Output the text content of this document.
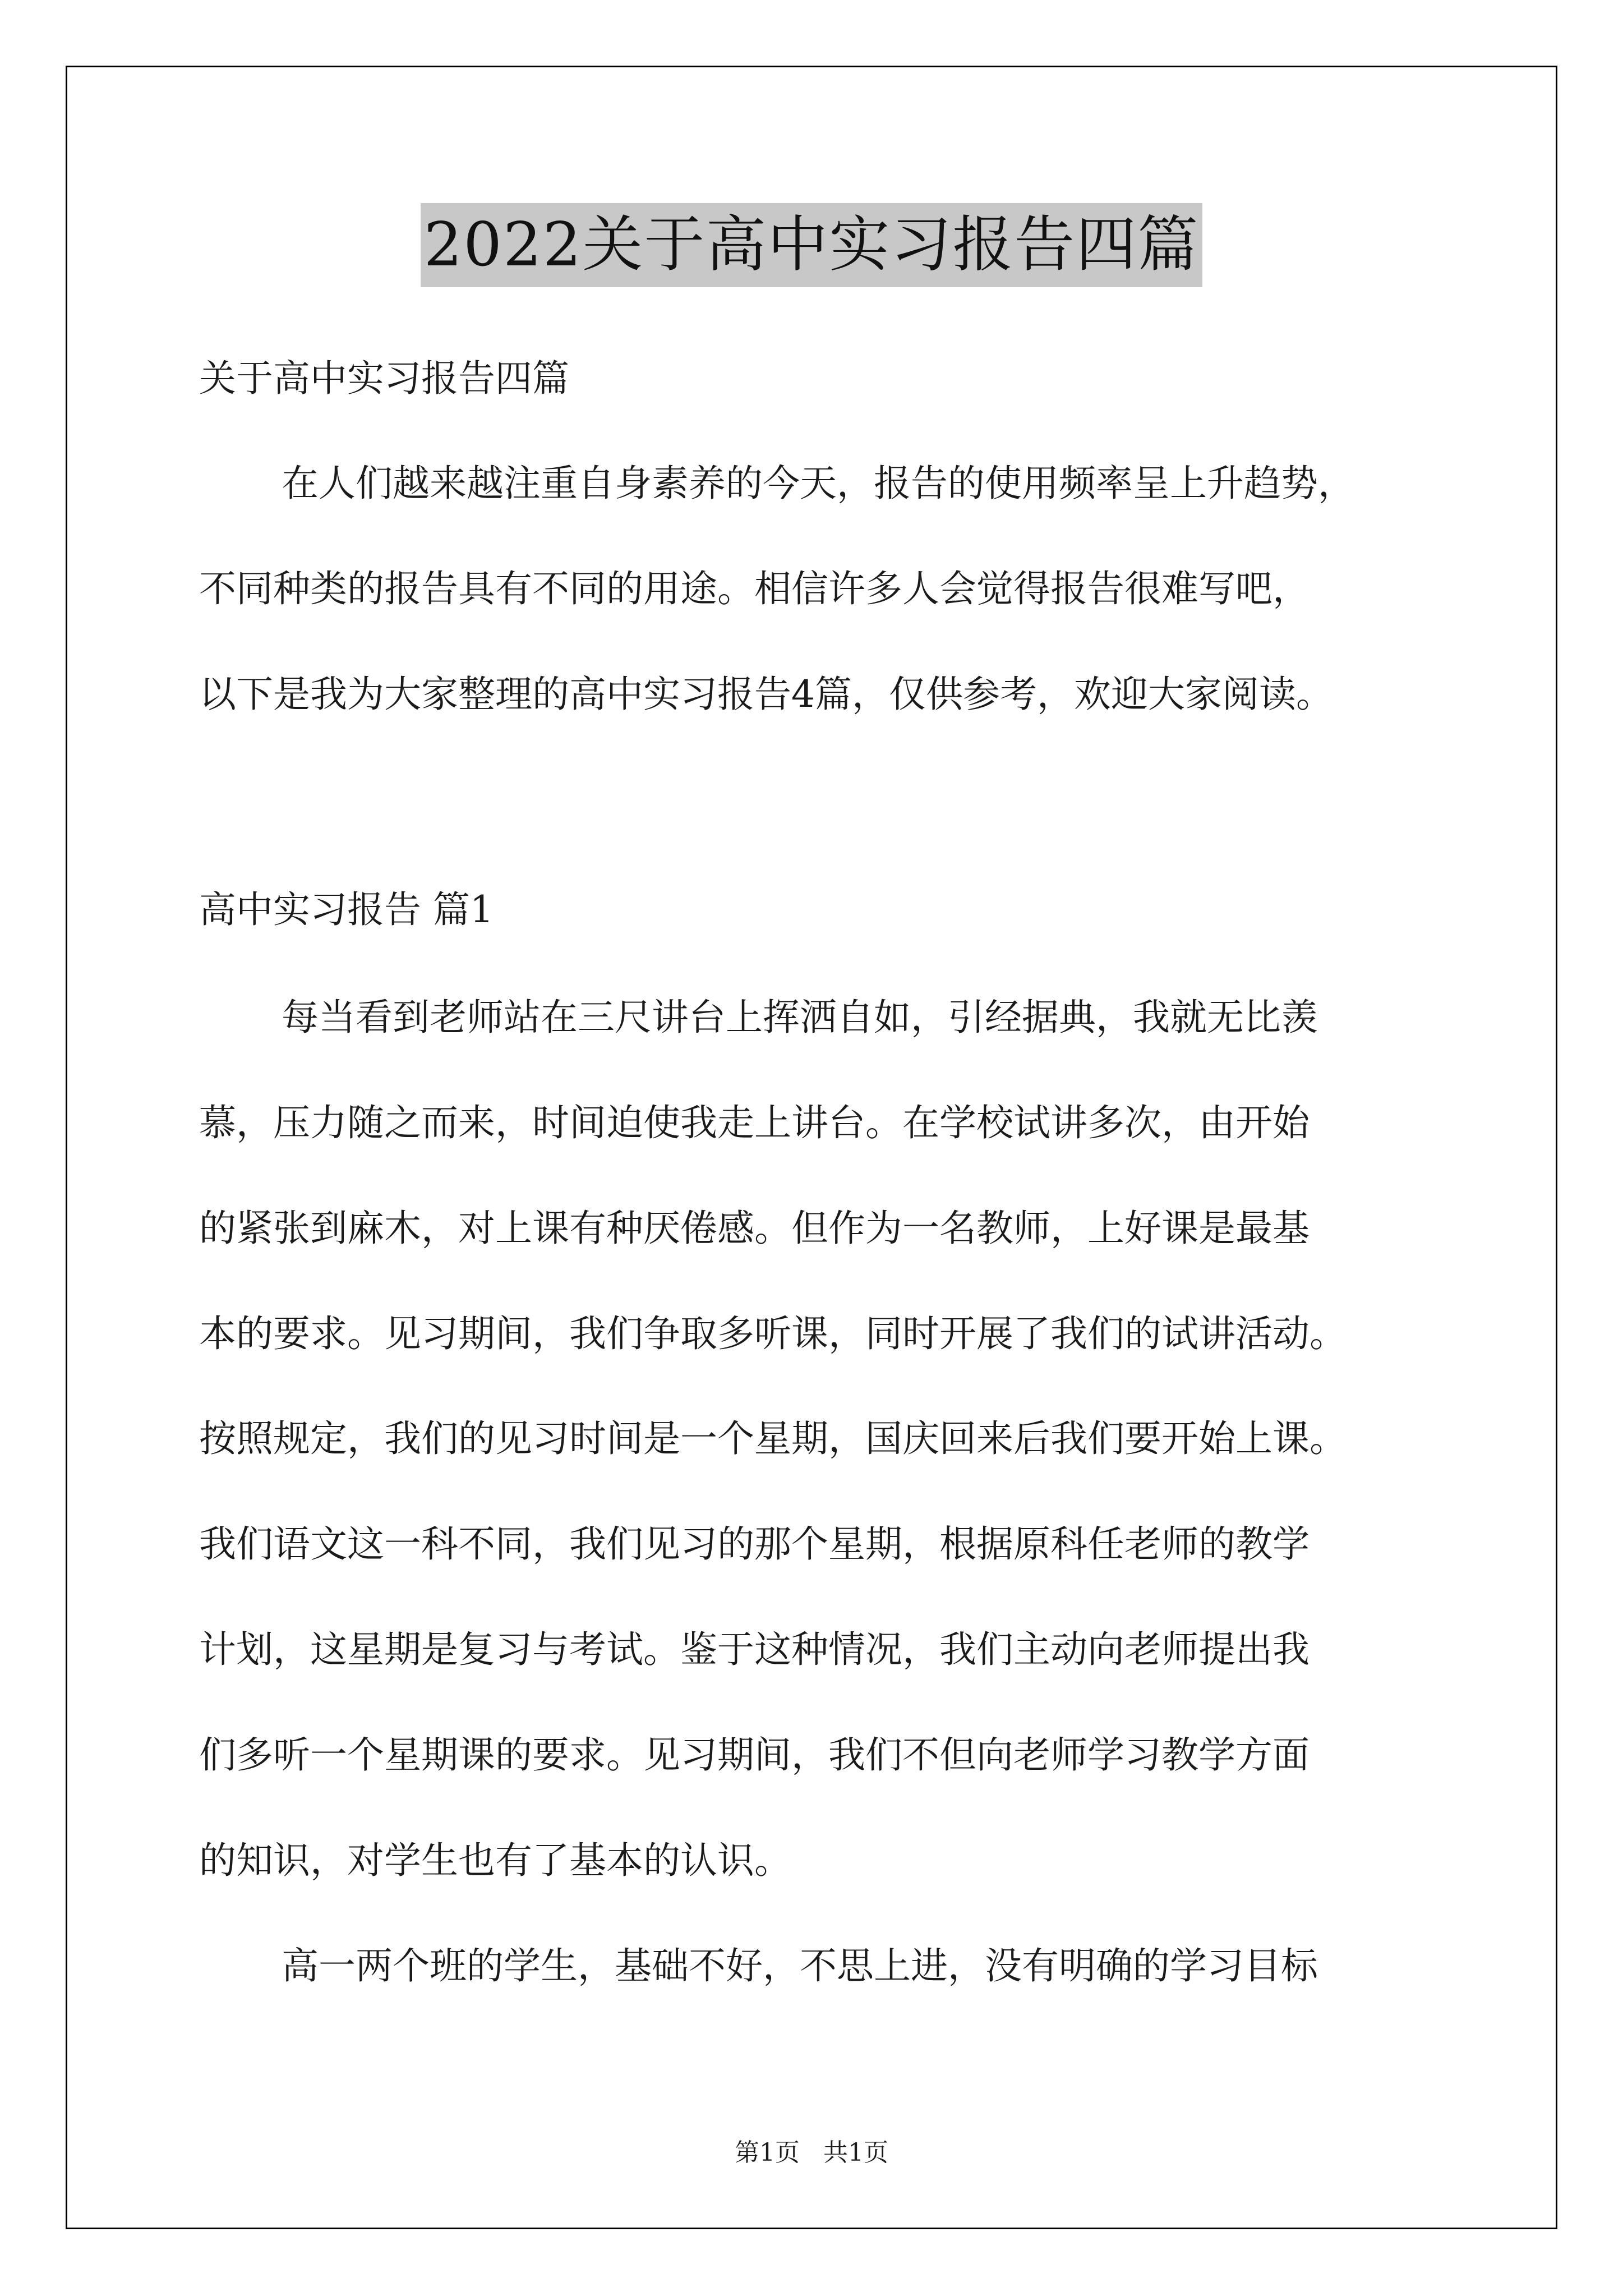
2022关于高中实习报告四篇
关于高中实习报告四篇
在人们越来越注重自身素养的今天，报告的使用频率呈上升趋势，
不同种类的报告具有不同的用途。相信许多人会觉得报告很难写吧，
以下是我为大家整理的高中实习报告4篇，仅供参考，欢迎大家阅读。
高中实习报告 篇1
每当看到老师站在三尺讲台上挥洒自如，引经据典，我就无比羡
慕，压力随之而来，时间迫使我走上讲台。在学校试讲多次，由开始
的紧张到麻木，对上课有种厌倦感。但作为一名教师，上好课是最基
本的要求。见习期间，我们争取多听课，同时开展了我们的试讲活动。
按照规定，我们的见习时间是一个星期，国庆回来后我们要开始上课。
我们语文这一科不同，我们见习的那个星期，根据原科任老师的教学
计划，这星期是复习与考试。鉴于这种情况，我们主动向老师提出我
们多听一个星期课的要求。见习期间，我们不但向老师学习教学方面
的知识，对学生也有了基本的认识。
高一两个班的学生，基础不好，不思上进，没有明确的学习目标
第1页   共1页
